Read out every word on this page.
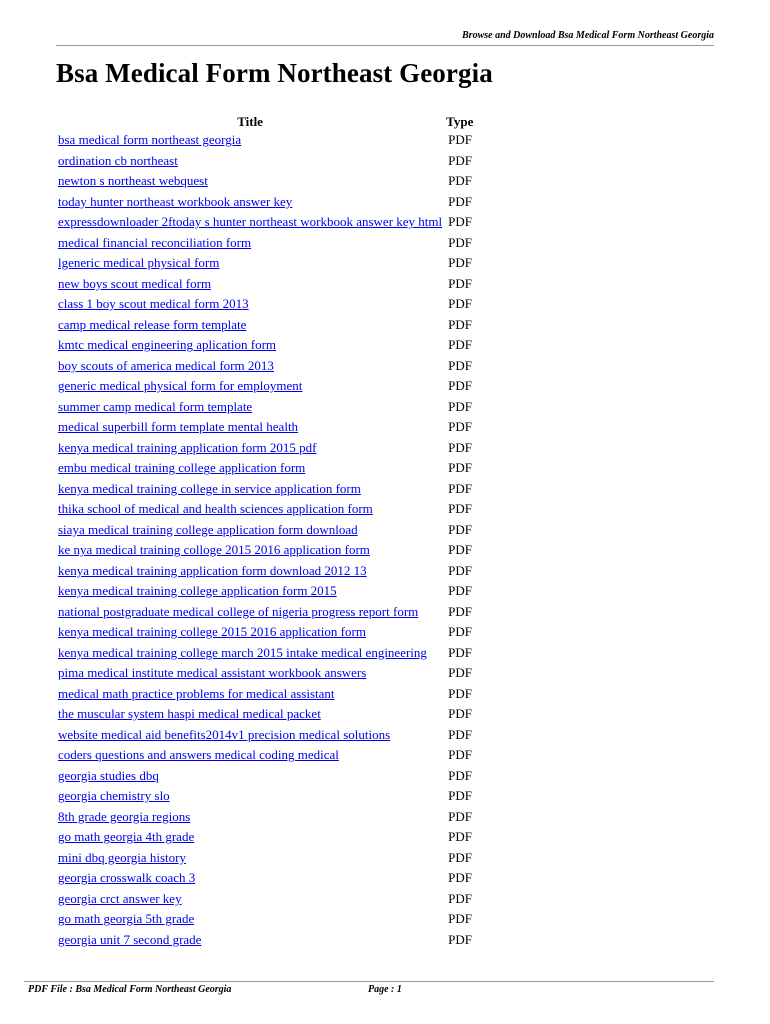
Browse and Download Bsa Medical Form Northeast Georgia
Bsa Medical Form Northeast Georgia
Title	Type
bsa medical form northeast georgia	PDF
ordination cb northeast	PDF
newton s northeast webquest	PDF
today hunter northeast workbook answer key	PDF
expressdownloader 2ftoday s hunter northeast workbook answer key html	PDF
medical financial reconciliation form	PDF
lgeneric medical physical form	PDF
new boys scout medical form	PDF
class 1 boy scout medical form 2013	PDF
camp medical release form template	PDF
kmtc medical engineering aplication form	PDF
boy scouts of america medical form 2013	PDF
generic medical physical form for employment	PDF
summer camp medical form template	PDF
medical superbill form template mental health	PDF
kenya medical training application form 2015 pdf	PDF
embu medical training college application form	PDF
kenya medical training college in service application form	PDF
thika school of medical and health sciences application form	PDF
siaya medical training college application form download	PDF
ke nya medical training colloge 2015 2016 application form	PDF
kenya medical training application form download 2012 13	PDF
kenya medical training college application form 2015	PDF
national postgraduate medical college of nigeria progress report form	PDF
kenya medical training college 2015 2016 application form	PDF
kenya medical training college march 2015 intake medical engineering	PDF
pima medical institute medical assistant workbook answers	PDF
medical math practice problems for medical assistant	PDF
the muscular system haspi medical medical packet	PDF
website medical aid benefits2014v1 precision medical solutions	PDF
coders questions and answers medical coding medical	PDF
georgia studies dbq	PDF
georgia chemistry slo	PDF
8th grade georgia regions	PDF
go math georgia 4th grade	PDF
mini dbq georgia history	PDF
georgia crosswalk coach 3	PDF
georgia crct answer key	PDF
go math georgia 5th grade	PDF
georgia unit 7 second grade	PDF
PDF File : Bsa Medical Form Northeast Georgia	Page : 1
